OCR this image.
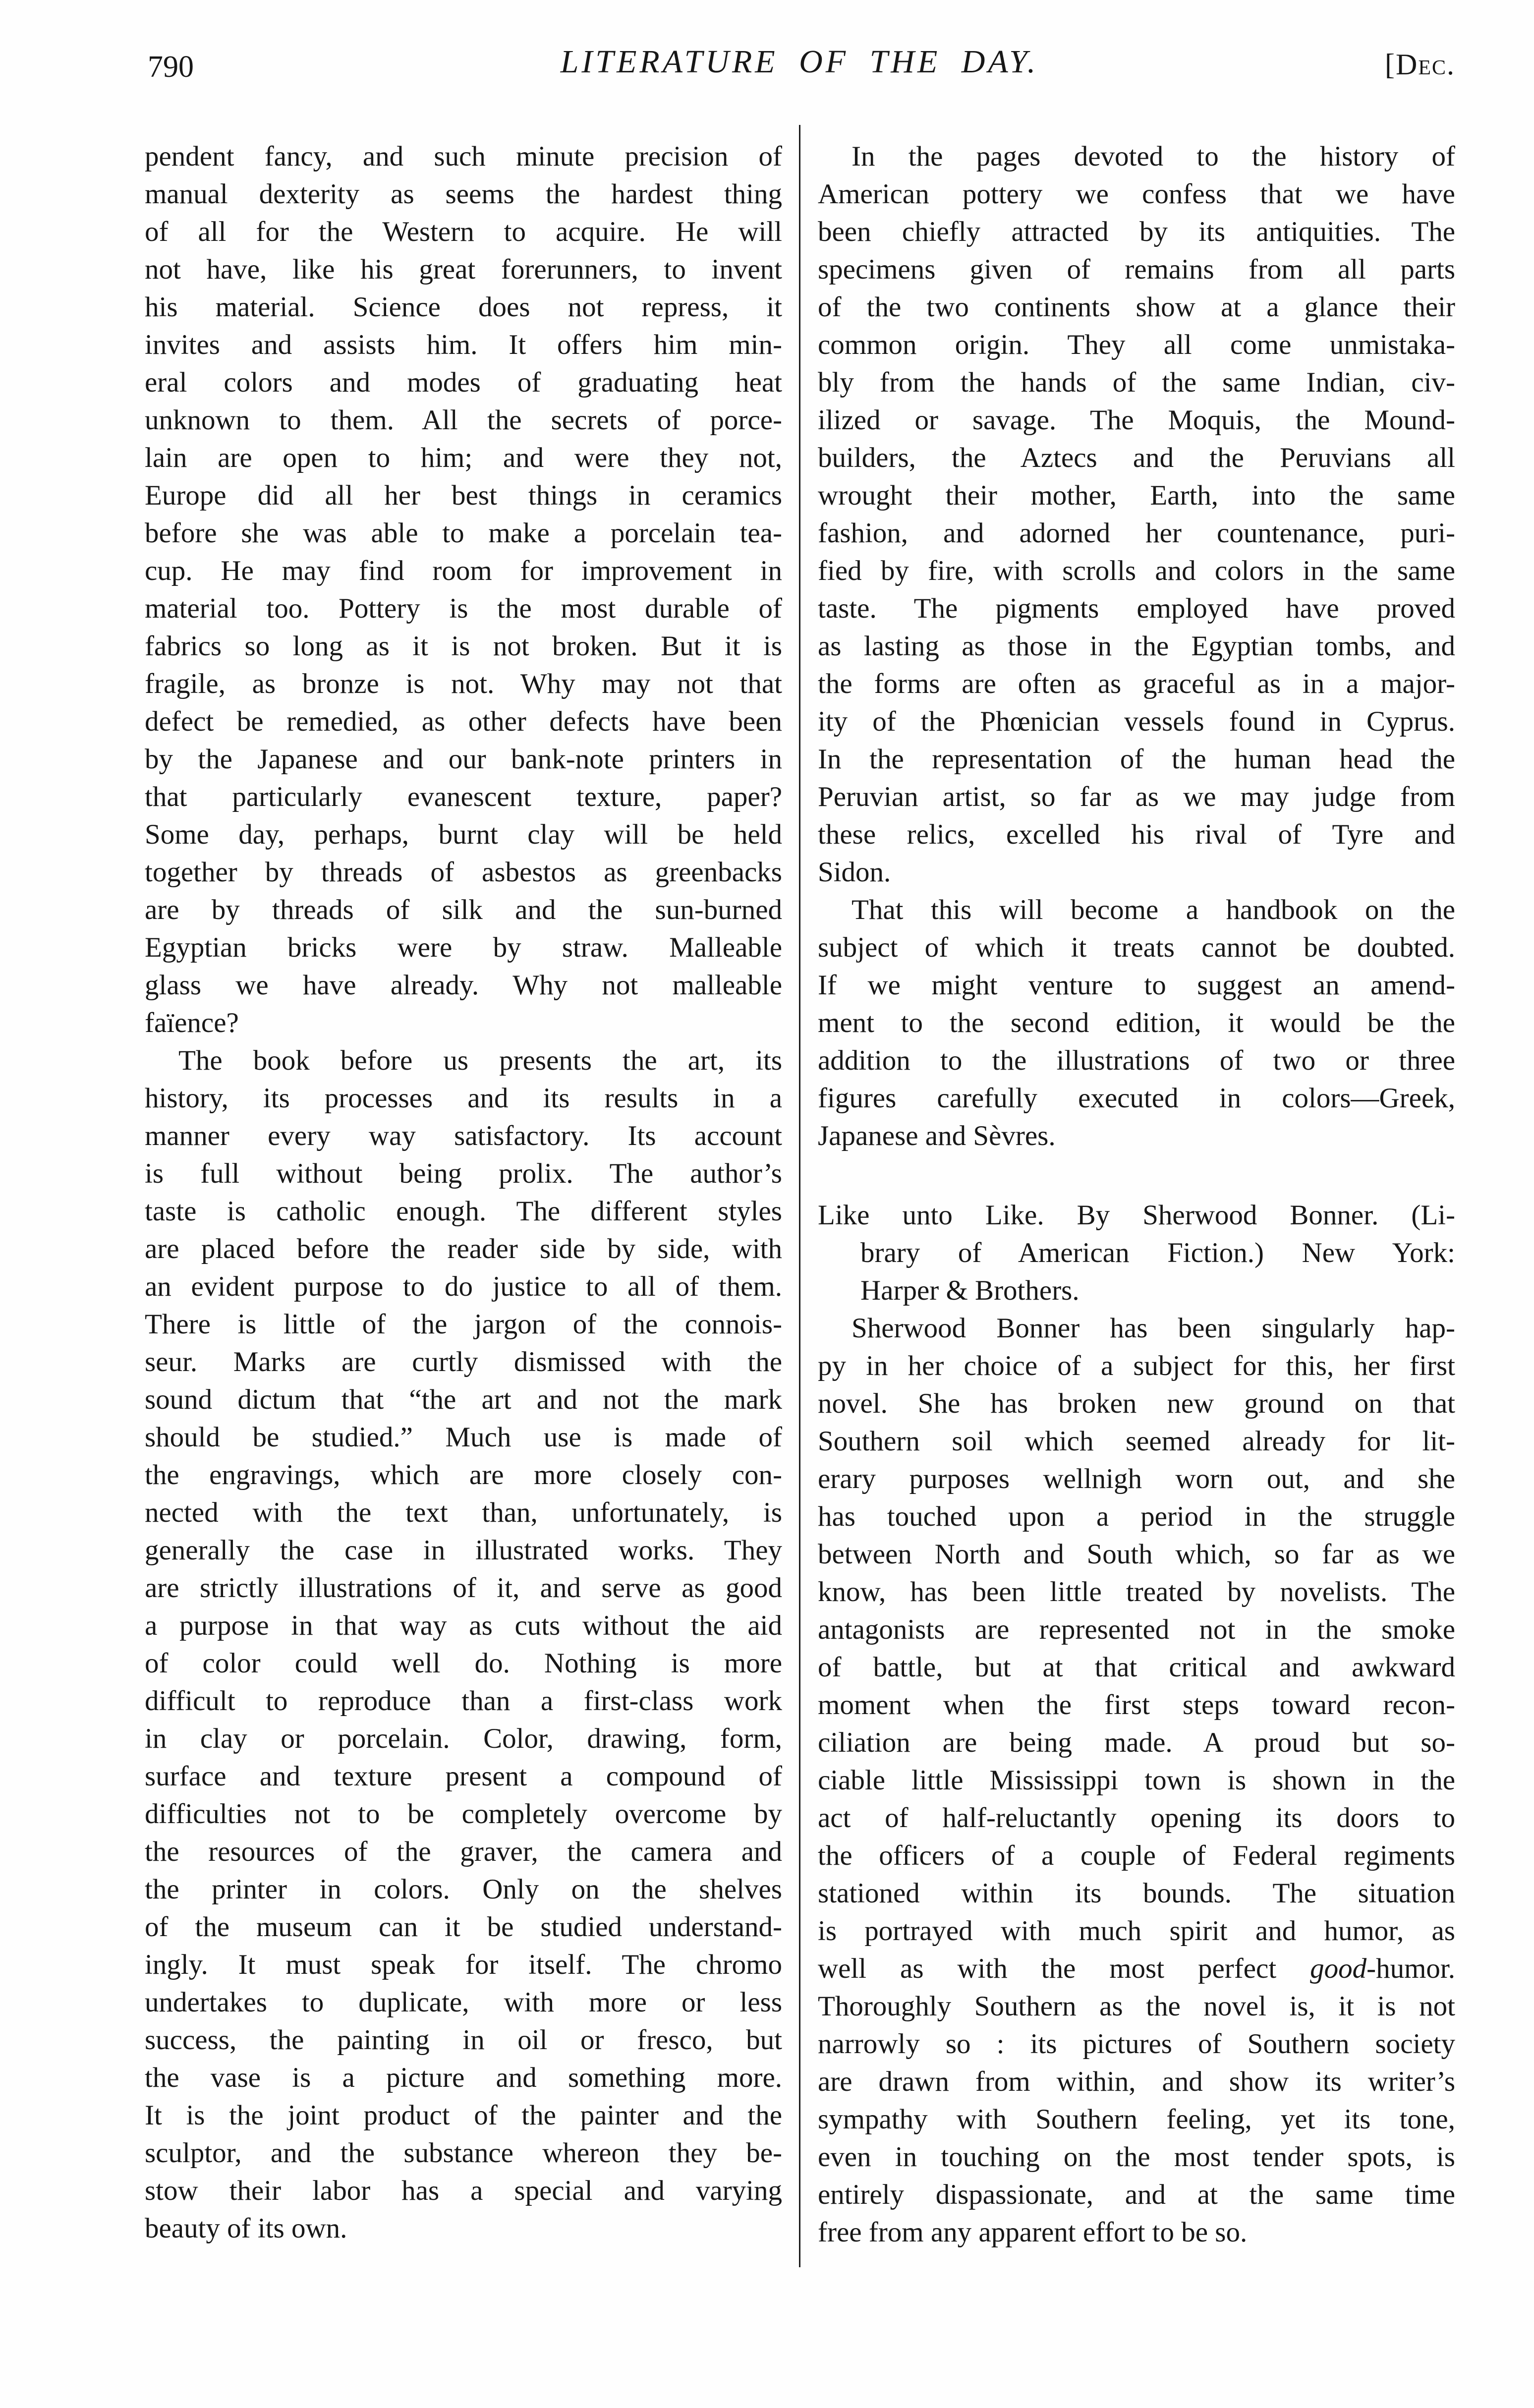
790	LITERATURE OF THE DAY.	[Dec.
pendent fancy, and such minute precision of
manual dexterity as seems the hardest thing
of all for the Western to acquire. He will
not have, like his great forerunners, to invent
his material. Science does not repress, it
invites and assists him. It offers him min-
eral colors and modes of graduating heat
unknown to them. All the secrets of porce-
lain are open to him; and were they not,
Europe did all her best things in ceramics
before she was able to make a porcelain tea-
cup. He may find room for improvement in
material too. Pottery is the most durable of
fabrics so long as it is not broken. But it is
fragile, as bronze is not. Why may not that
defect be remedied, as other defects have been
by the Japanese and our bank-note printers in
that particularly evanescent texture, paper?
Some day, perhaps, burnt clay will be held
together by threads of asbestos as greenbacks
are by threads of silk and the sun-burned
Egyptian bricks were by straw. Malleable
glass we have already. Why not malleable
faïence?
The book before us presents the art, its
history, its processes and its results in a
manner every way satisfactory. Its account
is full without being prolix. The author’s
taste is catholic enough. The different styles
are placed before the reader side by side, with
an evident purpose to do justice to all of them.
There is little of the jargon of the connois-
seur. Marks are curtly dismissed with the
sound dictum that “the art and not the mark
should be studied.” Much use is made of
the engravings, which are more closely con-
nected with the text than, unfortunately, is
generally the case in illustrated works. They
are strictly illustrations of it, and serve as good
a purpose in that way as cuts without the aid
of color could well do. Nothing is more
difficult to reproduce than a first-class work
in clay or porcelain. Color, drawing, form,
surface and texture present a compound of
difficulties not to be completely overcome by
the resources of the graver, the camera and
the printer in colors. Only on the shelves
of the museum can it be studied understand-
ingly. It must speak for itself. The chromo
undertakes to duplicate, with more or less
success, the painting in oil or fresco, but
the vase is a picture and something more.
It is the joint product of the painter and the
sculptor, and the substance whereon they be-
stow their labor has a special and varying
beauty of its own.
In the pages devoted to the history of
American pottery we confess that we have
been chiefly attracted by its antiquities. The
specimens given of remains from all parts
of the two continents show at a glance their
common origin. They all come unmistaka-
bly from the hands of the same Indian, civ-
ilized or savage. The Moquis, the Mound-
builders, the Aztecs and the Peruvians all
wrought their mother, Earth, into the same
fashion, and adorned her countenance, puri-
fied by fire, with scrolls and colors in the same
taste. The pigments employed have proved
as lasting as those in the Egyptian tombs, and
the forms are often as graceful as in a major-
ity of the Phœnician vessels found in Cyprus.
In the representation of the human head the
Peruvian artist, so far as we may judge from
these relics, excelled his rival of Tyre and
Sidon.
That this will become a handbook on the
subject of which it treats cannot be doubted.
If we might venture to suggest an amend-
ment to the second edition, it would be the
addition to the illustrations of two or three
figures carefully executed in colors—Greek,
Japanese and Sèvres.
Like unto Like. By Sherwood Bonner. (Li-
brary of American Fiction.) New York:
Harper & Brothers.
Sherwood Bonner has been singularly hap-
py in her choice of a subject for this, her first
novel. She has broken new ground on that
Southern soil which seemed already for lit-
erary purposes wellnigh worn out, and she
has touched upon a period in the struggle
between North and South which, so far as we
know, has been little treated by novelists. The
antagonists are represented not in the smoke
of battle, but at that critical and awkward
moment when the first steps toward recon-
ciliation are being made. A proud but so-
ciable little Mississippi town is shown in the
act of half-reluctantly opening its doors to
the officers of a couple of Federal regiments
stationed within its bounds. The situation
is portrayed with much spirit and humor, as
well as with the most perfect good-humor.
Thoroughly Southern as the novel is, it is not
narrowly so : its pictures of Southern society
are drawn from within, and show its writer’s
sympathy with Southern feeling, yet its tone,
even in touching on the most tender spots, is
entirely dispassionate, and at the same time
free from any apparent effort to be so.
